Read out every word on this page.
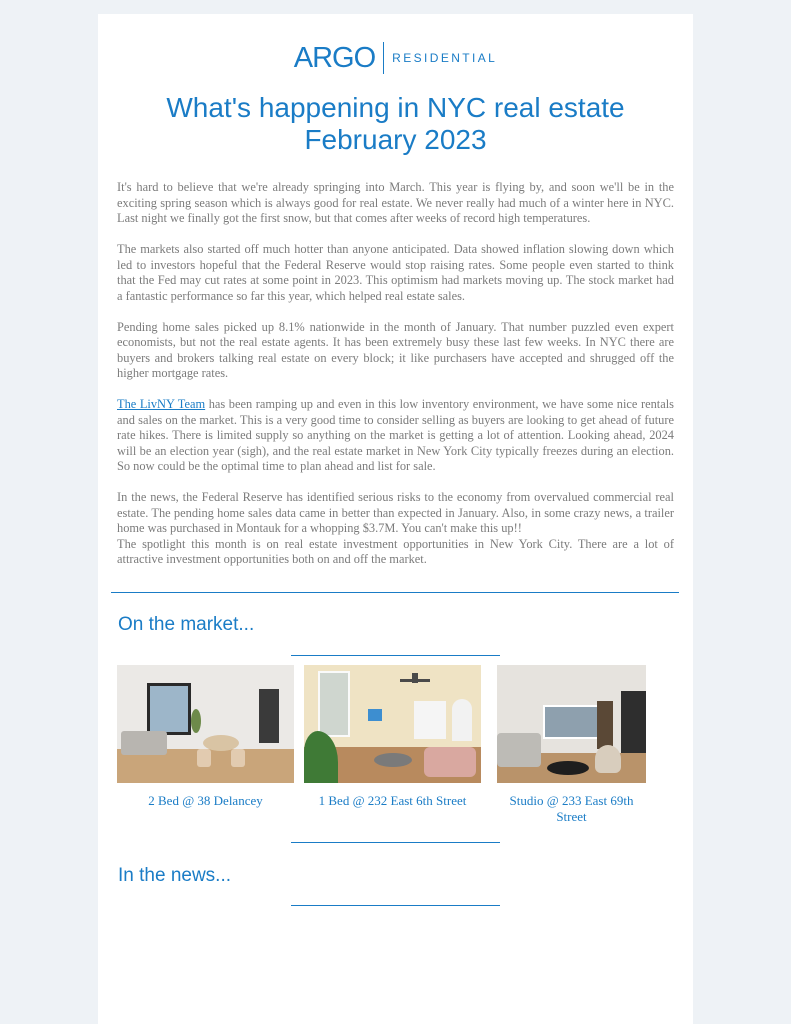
ARGO RESIDENTIAL
What's happening in NYC real estate
February 2023

It's hard to believe that we're already springing into March. This year is flying by, and soon we'll be in the exciting spring season which is always good for real estate. We never really had much of a winter here in NYC. Last night we finally got the first snow, but that comes after weeks of record high temperatures.

The markets also started off much hotter than anyone anticipated. Data showed inflation slowing down which led to investors hopeful that the Federal Reserve would stop raising rates. Some people even started to think that the Fed may cut rates at some point in 2023. This optimism had markets moving up. The stock market had a fantastic performance so far this year, which helped real estate sales.

Pending home sales picked up 8.1% nationwide in the month of January. That number puzzled even expert economists, but not the real estate agents. It has been extremely busy these last few weeks. In NYC there are buyers and brokers talking real estate on every block; it like purchasers have accepted and shrugged off the higher mortgage rates.

The LivNY Team has been ramping up and even in this low inventory environment, we have some nice rentals and sales on the market. This is a very good time to consider selling as buyers are looking to get ahead of future rate hikes. There is limited supply so anything on the market is getting a lot of attention. Looking ahead, 2024 will be an election year (sigh), and the real estate market in New York City typically freezes during an election. So now could be the optimal time to plan ahead and list for sale.

In the news, the Federal Reserve has identified serious risks to the economy from overvalued commercial real estate. The pending home sales data came in better than expected in January. Also, in some crazy news, a trailer home was purchased in Montauk for a whopping $3.7M. You can't make this up!!
The spotlight this month is on real estate investment opportunities in New York City. There are a lot of attractive investment opportunities both on and off the market.

On the market...
2 Bed @ 38 Delancey	1 Bed @ 232 East 6th Street	Studio @ 233 East 69th Street
In the news...
